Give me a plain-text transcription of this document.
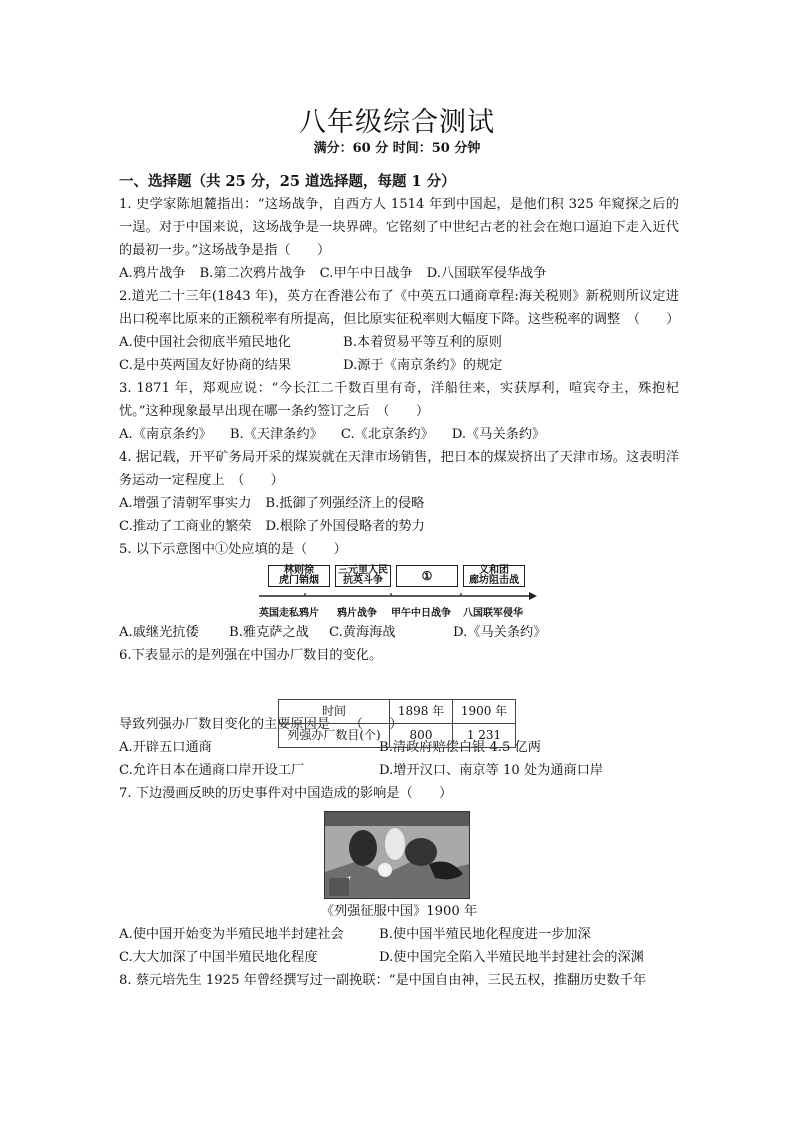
八年级综合测试
满分：60 分 时间：50 分钟
一、选择题（共 25 分，25 道选择题，每题 1 分）
1. 史学家陈旭麓指出：“这场战争，自西方人 1514 年到中国起，是他们积 325 年窥探之后的一逞。对于中国来说，这场战争是一块界碑。它铭刻了中世纪古老的社会在炮口逼迫下走入近代的最初一步。”这场战争是指（　　）
A.鸦片战争 B.第二次鸦片战争 C.甲午中日战争 D.八国联军侵华战争
2.道光二十三年(1843 年)，英方在香港公布了《中英五口通商章程:海关税则》新税则所议定进出口税率比原来的正额税率有所提高，但比原实征税率则大幅度下降。这些税率的调整　（　　）
A.使中国社会彻底半殖民地化	B.本着贸易平等互利的原则
C.是中英两国友好协商的结果	D.源于《南京条约》的规定
3. 1871 年，郑观应说：“今长江二千数百里有奇，洋船往来，实获厚利，喧宾夺主，殊抱杞忧。”这种现象最早出现在哪一条约签订之后　（　　）
A.《南京条约》 B.《天津条约》 C.《北京条约》 D.《马关条约》
4. 据记载，开平矿务局开采的煤炭就在天津市场销售，把日本的煤炭挤出了天津市场。这表明洋务运动一定程度上　（　　）
A.增强了清朝军事实力 B.抵御了列强经济上的侵略
C.推动了工商业的繁荣 D.根除了外国侵略者的势力
5. 以下示意图中①处应填的是（　　）
林则徐
虎门销烟
三元里人民
抗英斗争	①	义和团
廊坊阻击战
英国走私鸦片 鸦片战争 甲午中日战争 八国联军侵华
A.戚继光抗倭	B.雅克萨之战	C.黄海海战	D.《马关条约》
6.下表显示的是列强在中国办厂数目的变化。
时间	1898 年	1900 年
列强办厂数目(个)	800	1 231
导致列强办厂数目变化的主要原因是　　（　　）
A.开辟五口通商	B.清政府赔偿白银 4.5 亿两
C.允许日本在通商口岸开设工厂	D.增开汉口、南京等 10 处为通商口岸
7. 下边漫画反映的历史事件对中国造成的影响是（　　）
《列强征服中国》1900 年
A.使中国开始变为半殖民地半封建社会	B.使中国半殖民地化程度进一步加深
C.大大加深了中国半殖民地化程度	D.使中国完全陷入半殖民地半封建社会的深渊
8. 蔡元培先生 1925 年曾经撰写过一副挽联：“是中国自由神，三民五权，推翻历史数千年
